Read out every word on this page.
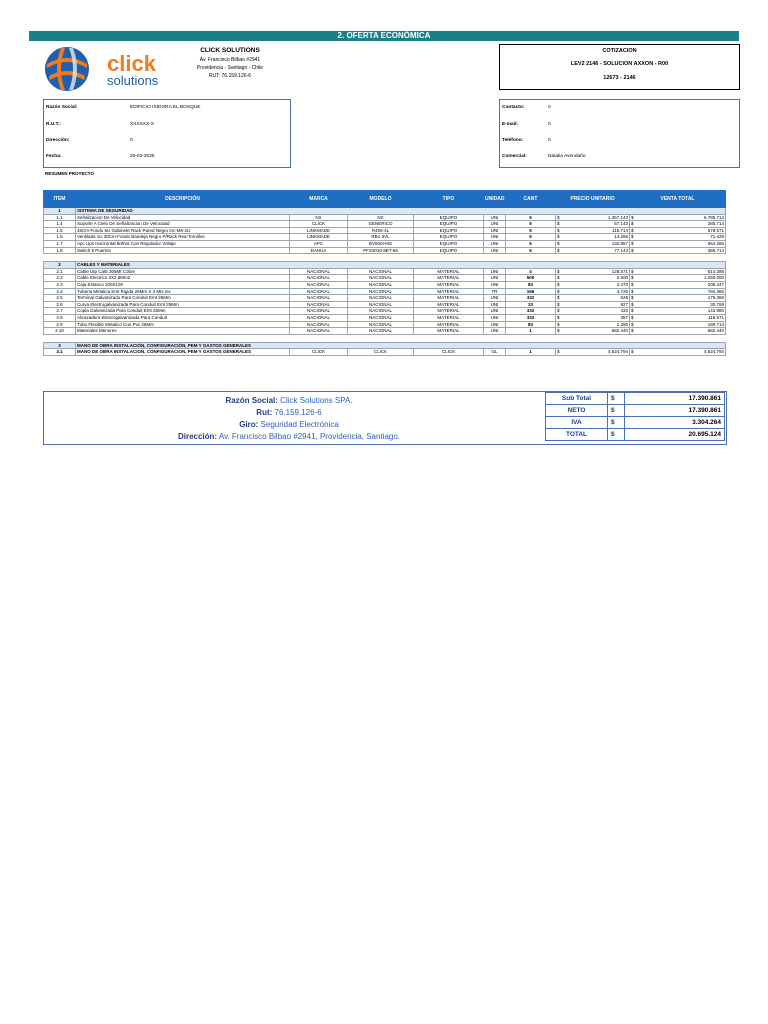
2. OFERTA ECONÓMICA
click
solutions
CLICK SOLUTIONS
Av. Francisco Bilbao #2941
Providencia - Santiago - Chile
RUT: 76.159.126-6
COTIZACION
LEV2 2146 - SOLUCION AXXON - R00
12673 - 2146
Razón Social:	EDIFICIO ISIDORA EL BOSQUE
R.U.T.:	XXXXXX-X
Dirección:	0
Fecha:	20-03-2025
Contacto:	0
E-mail:	0
Teléfono:	0
Comercial:	Natalia Avendaño
RESUMEN PROYECTO
ITEM	DESCRIPCIÓN	MARCA	MODELO	TIPO	UNIDAD	CANT	PRECIO UNITARIO	VENTA TOTAL
1	SISTEMA DE SEGURIDAD							
1.1	Señalizacion De Velocidad	NX	NX	EQUIPO	UNI	5	$ 1.357.143	$ 6.785.714
1.4	Soporte A Cielo De Señalizacion De Velocidad	CLICK	GENERICO	EQUIPO	UNI	5	$ 57.143	$ 285.714
1.5	45Cm-Fondo 6U Gabinete Rack Pared Negro Inc-M6-2U	LINKMADE	R406-4L	EQUIPO	UNI	5	$ 115.714	$ 578.571
1.6	Ventilada 1U 30Cm-Fondo Bandeja Negro P/Rack Rea-Tornillos	LINKMADE	RB1-3VL	EQUIPO	UNI	5	$ 14.286	$ 71.429
1.7	Apc Ups Horizontal 500Va Con Regulador Voltaje	APC	BV500I-MS	EQUIPO	UNI	5	$ 132.857	$ 664.286
1.8	Switch 8 Puertos	DAHUA	PFS3010-8ET-65	EQUIPO	UNI	5	$ 77.143	$ 385.714

2	CABLES Y MATERIALES							
2.1	Cable Utp Cat6 305Mt Cobre	NACIONAL	NACIONAL	MATERIAL	UNI	4	$ 128.571	$ 514.286
2.2	Cable Electrico 3X2,5Mm2	NACIONAL	NACIONAL	MATERIAL	UNI	500	$ 2.500	$ 1.250.000
2.3	Caja Estanco 100X100	NACIONAL	NACIONAL	MATERIAL	UNI	83	$ 2.473	$ 205.247
2.4	Tuberia Metalica Emt Rigida 25Mm X 3 Mts Iec	NACIONAL	NACIONAL	MATERIAL	TR	166	$ 4.725	$ 784.365
2.5	Terminal Galvanizado Para Conduit Emt 25Mm	NACIONAL	NACIONAL	MATERIAL	UNI	332	$ 528	$ 175.366
2.6	Curva Electrogalvanizada Para Conduit Emt 25Mm	NACIONAL	NACIONAL	MATERIAL	UNI	33	$ 927	$ 30.769
2.7	Copla Galvanizada Para Conduit Emt 25Mm	NACIONAL	NACIONAL	MATERIAL	UNI	332	$ 433	$ 143.880
2.8	Abrazadera Electrogalvanizada Para Conduit	NACIONAL	NACIONAL	MATERIAL	UNI	332	$ 357	$ 118.571
2.9	Tubo Flexible Metalico Con Pvc 25Mm	NACIONAL	NACIONAL	MATERIAL	UNI	83	$ 2.286	$ 189.714
2.10	Materiales Menores	NACIONAL	NACIONAL	MATERIAL	UNI	1	$ 682.440	$ 682.440

3	MANO DE OBRA INSTALACIÓN, CONFIGURACIÓN, PEM Y GASTOS GENERALES							
3.1	MANO DE OBRA INSTALACION, CONFIGURACION, PEM Y GASTOS GENERALES	CLICK	CLICK	CLICK	GL	1	$ 4.524.794	$ 4.524.794
Razón Social: Click Solutions SPA.
Rut: 76.159.126-6
Giro: Seguridad Electrónica
Dirección: Av. Francisco Bilbao #2941, Providencia, Santiago.
Sub Total	$	17.390.861
NETO	$	17.390.861
IVA	$	3.304.264
TOTAL	$	20.695.124
